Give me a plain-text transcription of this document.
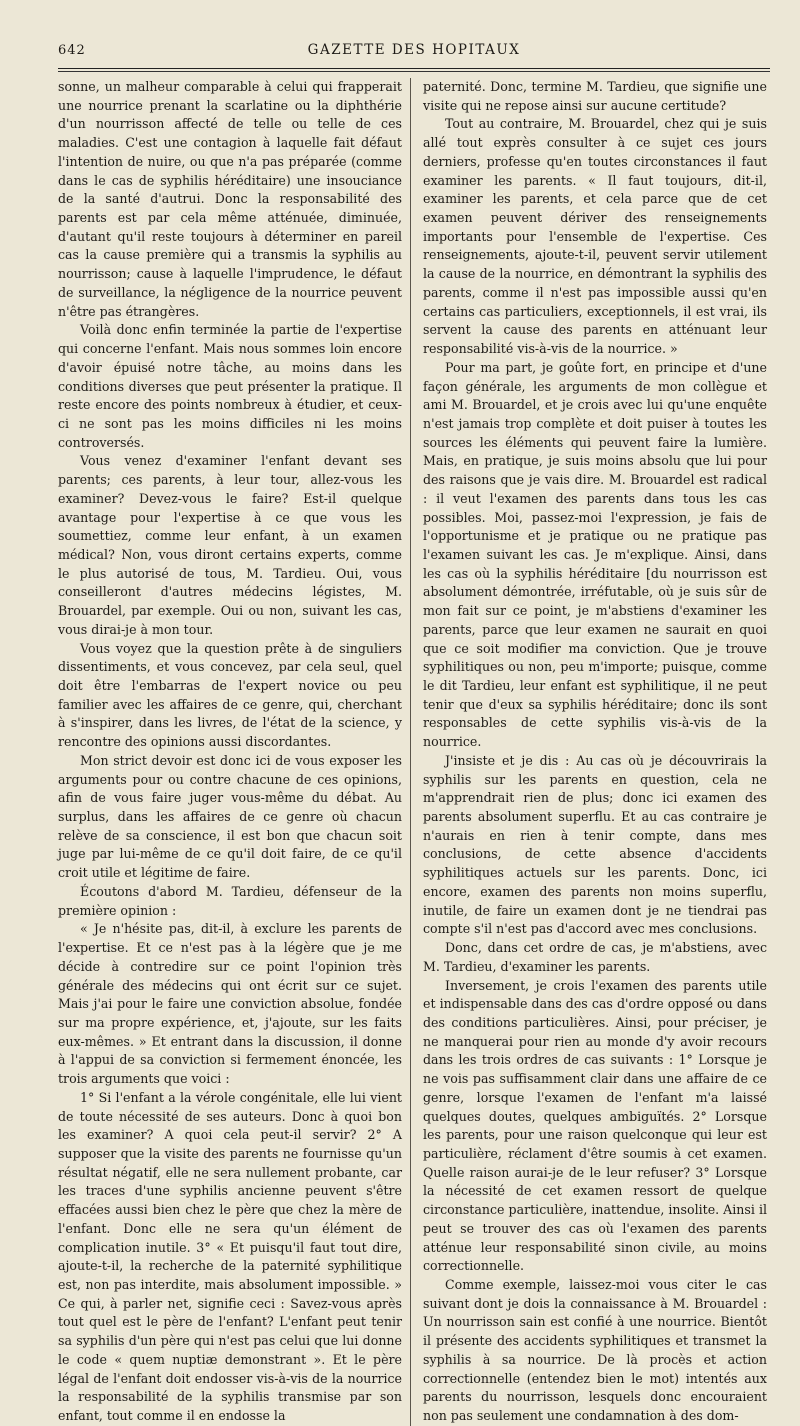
642	GAZETTE DES HOPITAUX

sonne, un malheur comparable à celui qui frapperait une nourrice prenant la scarlatine ou la diphthérie d'un nourrisson affecté de telle ou telle de ces maladies. C'est une contagion à laquelle fait défaut l'intention de nuire, ou que n'a pas préparée (comme dans le cas de syphilis héréditaire) une insouciance de la santé d'autrui. Donc la responsabilité des parents est par cela même atténuée, diminuée, d'autant qu'il reste toujours à déterminer en pareil cas la cause première qui a transmis la syphilis au nourrisson; cause à laquelle l'imprudence, le défaut de surveillance, la négligence de la nourrice peuvent n'être pas étrangères.

Voilà donc enfin terminée la partie de l'expertise qui concerne l'enfant. Mais nous sommes loin encore d'avoir épuisé notre tâche, au moins dans les conditions diverses que peut présenter la pratique. Il reste encore des points nombreux à étudier, et ceux-ci ne sont pas les moins difficiles ni les moins controversés.

Vous venez d'examiner l'enfant devant ses parents; ces parents, à leur tour, allez-vous les examiner? Devez-vous le faire? Est-il quelque avantage pour l'expertise à ce que vous les soumettiez, comme leur enfant, à un examen médical? Non, vous diront certains experts, comme le plus autorisé de tous, M. Tardieu. Oui, vous conseilleront d'autres médecins légistes, M. Brouardel, par exemple. Oui ou non, suivant les cas, vous dirai-je à mon tour.

Vous voyez que la question prête à de singuliers dissentiments, et vous concevez, par cela seul, quel doit être l'embarras de l'expert novice ou peu familier avec les affaires de ce genre, qui, cherchant à s'inspirer, dans les livres, de l'état de la science, y rencontre des opinions aussi discordantes.

Mon strict devoir est donc ici de vous exposer les arguments pour ou contre chacune de ces opinions, afin de vous faire juger vous-même du débat. Au surplus, dans les affaires de ce genre où chacun relève de sa conscience, il est bon que chacun soit juge par lui-même de ce qu'il doit faire, de ce qu'il croit utile et légitime de faire.

Écoutons d'abord M. Tardieu, défenseur de la première opinion :

« Je n'hésite pas, dit-il, à exclure les parents de l'expertise. Et ce n'est pas à la légère que je me décide à contredire sur ce point l'opinion très générale des médecins qui ont écrit sur ce sujet. Mais j'ai pour le faire une conviction absolue, fondée sur ma propre expérience, et, j'ajoute, sur les faits eux-mêmes. » Et entrant dans la discussion, il donne à l'appui de sa conviction si fermement énoncée, les trois arguments que voici :

1° Si l'enfant a la vérole congénitale, elle lui vient de toute nécessité de ses auteurs. Donc à quoi bon les examiner? A quoi cela peut-il servir? 2° A supposer que la visite des parents ne fournisse qu'un résultat négatif, elle ne sera nullement probante, car les traces d'une syphilis ancienne peuvent s'être effacées aussi bien chez le père que chez la mère de l'enfant. Donc elle ne sera qu'un élément de complication inutile. 3° « Et puisqu'il faut tout dire, ajoute-t-il, la recherche de la paternité syphilitique est, non pas interdite, mais absolument impossible. » Ce qui, à parler net, signifie ceci : Savez-vous après tout quel est le père de l'enfant? L'enfant peut tenir sa syphilis d'un père qui n'est pas celui que lui donne le code « quem nuptiæ demonstrant ». Et le père légal de l'enfant doit endosser vis-à-vis de la nourrice la responsabilité de la syphilis transmise par son enfant, tout comme il en endosse la

paternité. Donc, termine M. Tardieu, que signifie une visite qui ne repose ainsi sur aucune certitude?

Tout au contraire, M. Brouardel, chez qui je suis allé tout exprès consulter à ce sujet ces jours derniers, professe qu'en toutes circonstances il faut examiner les parents. « Il faut toujours, dit-il, examiner les parents, et cela parce que de cet examen peuvent dériver des renseignements importants pour l'ensemble de l'expertise. Ces renseignements, ajoute-t-il, peuvent servir utilement la cause de la nourrice, en démontrant la syphilis des parents, comme il n'est pas impossible aussi qu'en certains cas particuliers, exceptionnels, il est vrai, ils servent la cause des parents en atténuant leur responsabilité vis-à-vis de la nourrice. »

Pour ma part, je goûte fort, en principe et d'une façon générale, les arguments de mon collègue et ami M. Brouardel, et je crois avec lui qu'une enquête n'est jamais trop complète et doit puiser à toutes les sources les éléments qui peuvent faire la lumière. Mais, en pratique, je suis moins absolu que lui pour des raisons que je vais dire. M. Brouardel est radical : il veut l'examen des parents dans tous les cas possibles. Moi, passez-moi l'expression, je fais de l'opportunisme et je pratique ou ne pratique pas l'examen suivant les cas. Je m'explique. Ainsi, dans les cas où la syphilis héréditaire [du nourrisson est absolument démontrée, irréfutable, où je suis sûr de mon fait sur ce point, je m'abstiens d'examiner les parents, parce que leur examen ne saurait en quoi que ce soit modifier ma conviction. Que je trouve syphilitiques ou non, peu m'importe; puisque, comme le dit Tardieu, leur enfant est syphilitique, il ne peut tenir que d'eux sa syphilis héréditaire; donc ils sont responsables de cette syphilis vis-à-vis de la nourrice.

J'insiste et je dis : Au cas où je découvrirais la syphilis sur les parents en question, cela ne m'apprendrait rien de plus; donc ici examen des parents absolument superflu. Et au cas contraire je n'aurais en rien à tenir compte, dans mes conclusions, de cette absence d'accidents syphilitiques actuels sur les parents. Donc, ici encore, examen des parents non moins superflu, inutile, de faire un examen dont je ne tiendrai pas compte s'il n'est pas d'accord avec mes conclusions.

Donc, dans cet ordre de cas, je m'abstiens, avec M. Tardieu, d'examiner les parents.

Inversement, je crois l'examen des parents utile et indispensable dans des cas d'ordre opposé ou dans des conditions particulières. Ainsi, pour préciser, je ne manquerai pour rien au monde d'y avoir recours dans les trois ordres de cas suivants : 1° Lorsque je ne vois pas suffisamment clair dans une affaire de ce genre, lorsque l'examen de l'enfant m'a laissé quelques doutes, quelques ambiguïtés. 2° Lorsque les parents, pour une raison quelconque qui leur est particulière, réclament d'être soumis à cet examen. Quelle raison aurai-je de le leur refuser? 3° Lorsque la nécessité de cet examen ressort de quelque circonstance particulière, inattendue, insolite. Ainsi il peut se trouver des cas où l'examen des parents atténue leur responsabilité sinon civile, au moins correctionnelle.

Comme exemple, laissez-moi vous citer le cas suivant dont je dois la connaissance à M. Brouardel : Un nourrisson sain est confié à une nourrice. Bientôt il présente des accidents syphilitiques et transmet la syphilis à sa nourrice. De là procès et action correctionnelle (entendez bien le mot) intentés aux parents du nourrisson, lesquels donc encouraient non pas seulement une condamnation à des dom-
